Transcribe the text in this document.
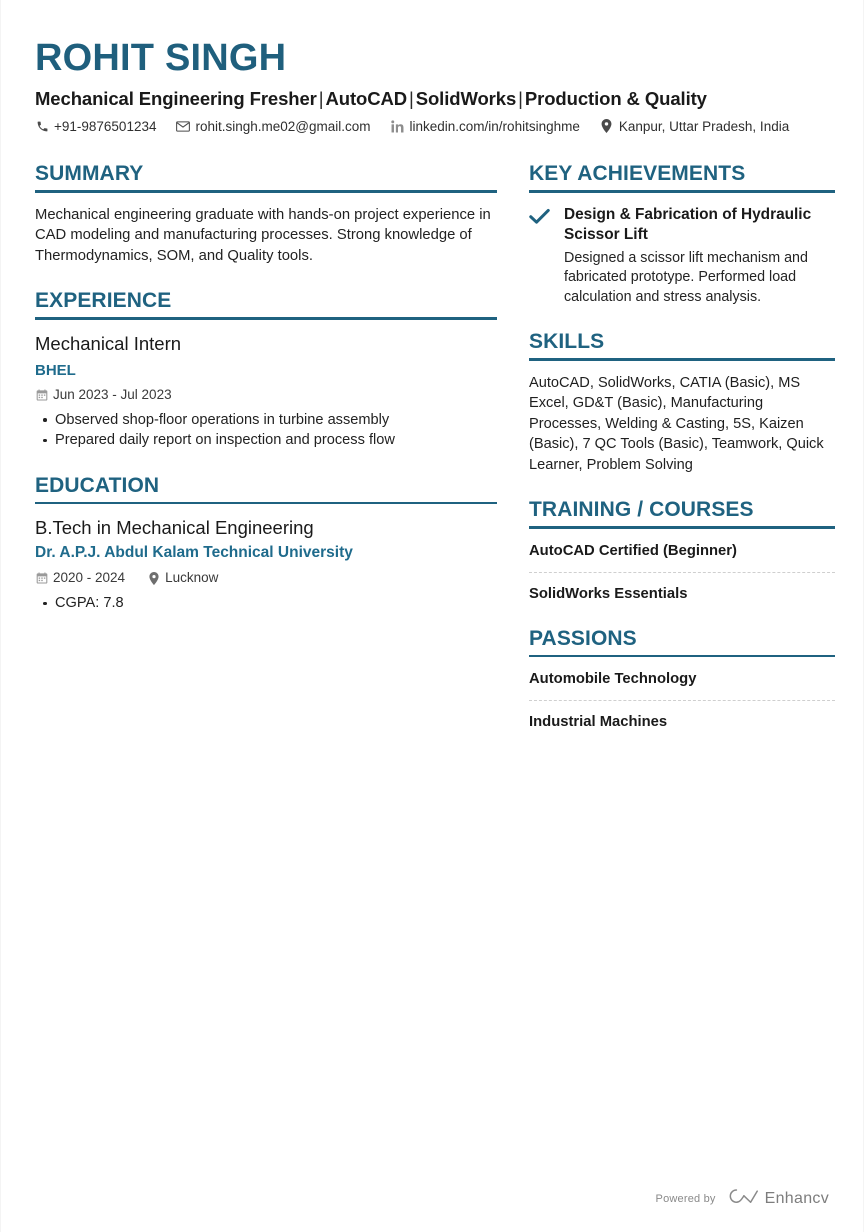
ROHIT SINGH
Mechanical Engineering Fresher | AutoCAD | SolidWorks | Production & Quality
+91-9876501234	rohit.singh.me02@gmail.com	linkedin.com/in/rohitsinghme	Kanpur, Uttar Pradesh, India
SUMMARY
Mechanical engineering graduate with hands-on project experience in CAD modeling and manufacturing processes. Strong knowledge of Thermodynamics, SOM, and Quality tools.
EXPERIENCE
Mechanical Intern
BHEL
Jun 2023 - Jul 2023
Observed shop-floor operations in turbine assembly
Prepared daily report on inspection and process flow
EDUCATION
B.Tech in Mechanical Engineering
Dr. A.P.J. Abdul Kalam Technical University
2020 - 2024	Lucknow
CGPA: 7.8
KEY ACHIEVEMENTS
Design & Fabrication of Hydraulic Scissor Lift
Designed a scissor lift mechanism and fabricated prototype. Performed load calculation and stress analysis.
SKILLS
AutoCAD, SolidWorks, CATIA (Basic), MS Excel, GD&T (Basic), Manufacturing Processes, Welding & Casting, 5S, Kaizen (Basic), 7 QC Tools (Basic), Teamwork, Quick Learner, Problem Solving
TRAINING / COURSES
AutoCAD Certified (Beginner)
SolidWorks Essentials
PASSIONS
Automobile Technology
Industrial Machines
Powered by	Enhancv
